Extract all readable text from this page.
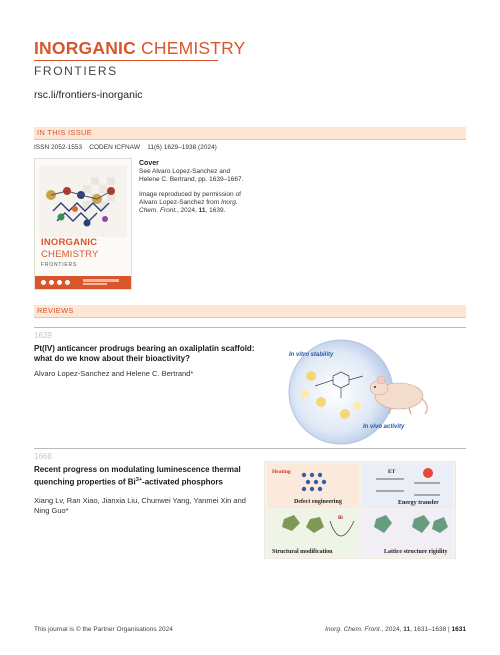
INORGANIC CHEMISTRY
FRONTIERS
rsc.li/frontiers-inorganic
IN THIS ISSUE
ISSN 2052-1553 CODEN ICFNAW 11(6) 1629–1938 (2024)
INORGANIC
CHEMISTRY
FRONTIERS

Cover
See Alvaro Lopez-Sanchez and Helene C. Bertrand, pp. 1639–1667.

Image reproduced by permission of Alvaro Lopez-Sanchez from Inorg. Chem. Front., 2024, 11, 1639.

REVIEWS
1639
Pt(IV) anticancer prodrugs bearing an oxaliplatin scaffold: what do we know about their bioactivity?
Alvaro Lopez-Sanchez and Helene C. Bertrand*
In vitro stability
In vivo activity
1668
Recent progress on modulating luminescence thermal quenching properties of $Bi^{3+}$-activated phosphors
Xiang Lv, Ran Xiao, Jianxia Liu, Chunwei Yang, Yanmei Xin and Ning Guo*
Heating
Defect engineering
ET
Energy transfer
Bi
Structural modification	Lattice structure rigidity
This journal is © the Partner Organisations 2024	Inorg. Chem. Front., 2024, 11, 1631–1638 | 1631
